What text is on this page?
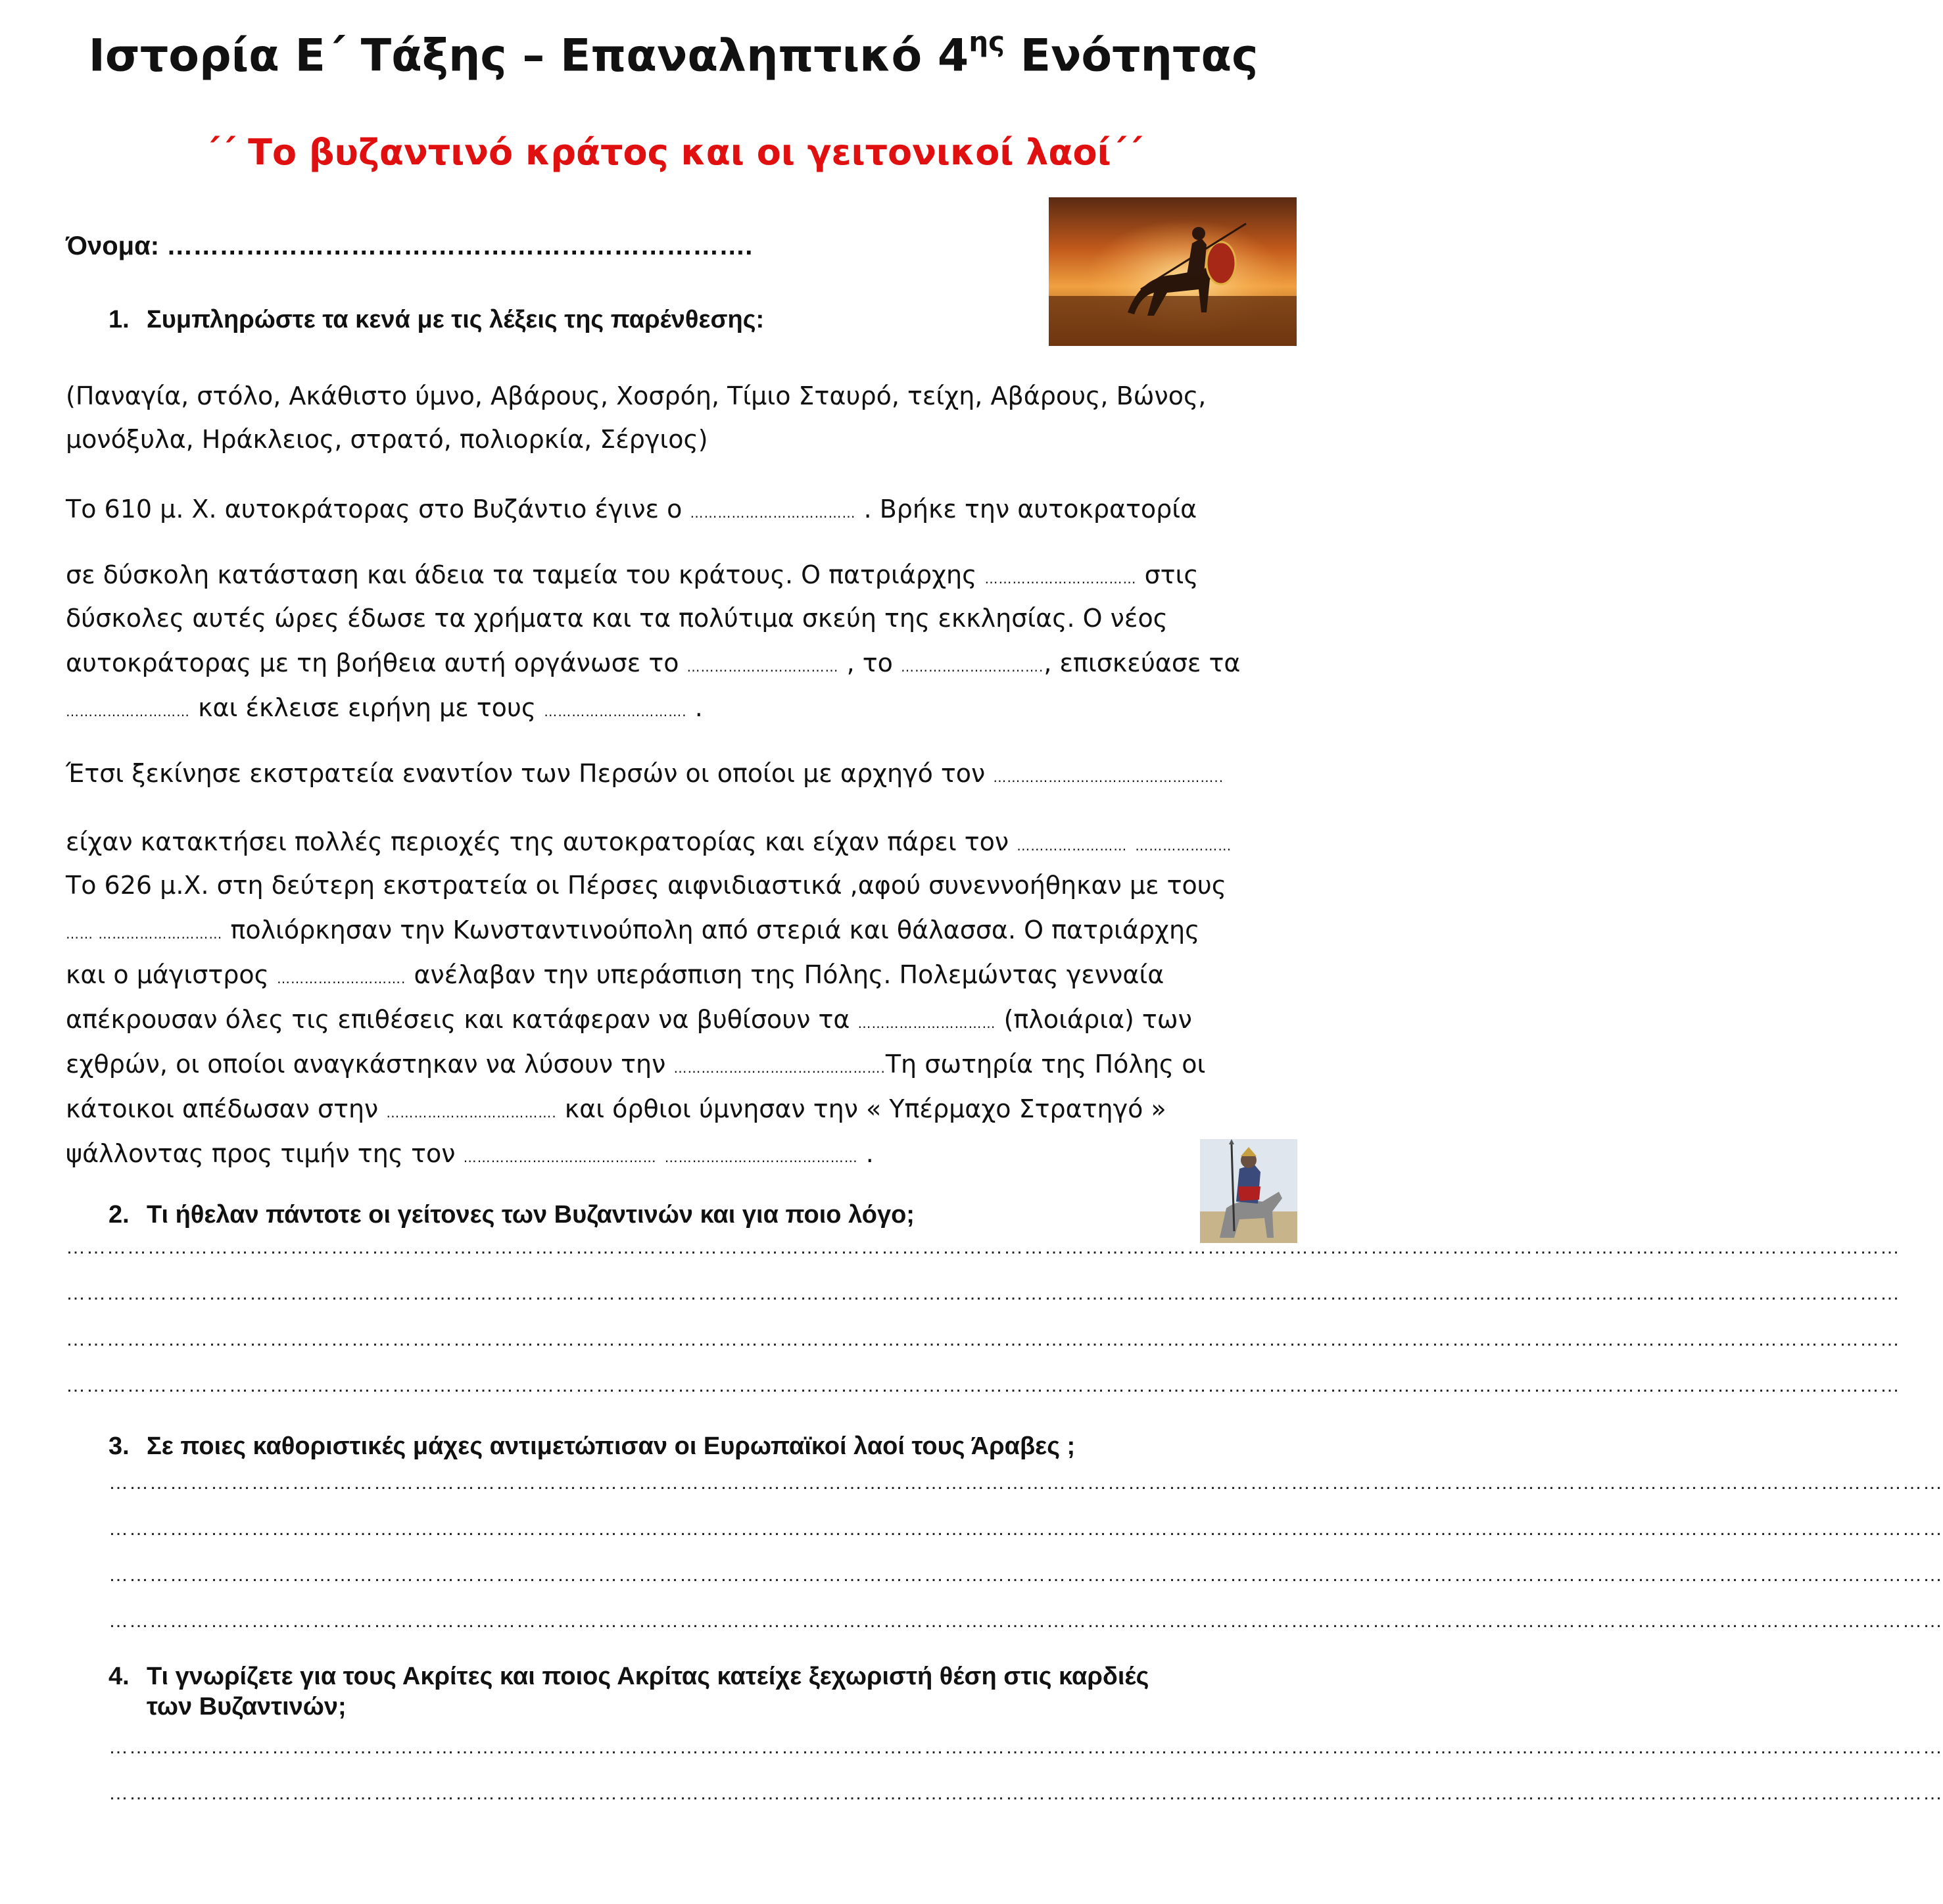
Ιστορία Ε΄ Τάξης – Επαναληπτικό $4^{\eta\varsigma}$ Ενότητας
΄΄ Το βυζαντινό κράτος και οι γειτονικοί λαοί΄΄
Όνομα: ………………………………………………………….
1. Συμπληρώστε τα κενά με τις λέξεις της παρένθεσης:
(Παναγία, στόλο, Ακάθιστο ύμνο, Αβάρους, Χοσρόη, Τίμιο Σταυρό, τείχη, Αβάρους, Βώνος,
μονόξυλα, Ηράκλειος, στρατό, πολιορκία, Σέργιος)
Το 610 μ. Χ. αυτοκράτορας στο Βυζάντιο έγινε ο ……………………………… . Βρήκε την αυτοκρατορία
σε δύσκολη κατάσταση και άδεια τα ταμεία του κράτους. Ο πατριάρχης …………………………… στις
δύσκολες αυτές ώρες έδωσε τα χρήματα και τα πολύτιμα σκεύη της εκκλησίας. Ο νέος
αυτοκράτορας με τη βοήθεια αυτή οργάνωσε το …………………………… , το …………………………., επισκεύασε τα
……………………… και έκλεισε ειρήνη με τους …………………………. .
Έτσι ξεκίνησε εκστρατεία εναντίον των Περσών οι οποίοι με αρχηγό τον …………………………………………..
είχαν κατακτήσει πολλές περιοχές της αυτοκρατορίας και είχαν πάρει τον …………………… …………………
Το 626 μ.Χ. στη δεύτερη εκστρατεία οι Πέρσες αιφνιδιαστικά ,αφού συνεννοήθηκαν με τους
…… ……………………… πολιόρκησαν την Κωνσταντινούπολη από στεριά και θάλασσα. Ο πατριάρχης
και ο μάγιστρος ………………………. ανέλαβαν την υπεράσπιση της Πόλης. Πολεμώντας γενναία
απέκρουσαν όλες τις επιθέσεις και κατάφεραν να βυθίσουν τα ………………………… (πλοιάρια) των
εχθρών, οι οποίοι αναγκάστηκαν να λύσουν την ……………………………………….Τη σωτηρία της Πόλης οι
κάτοικοι απέδωσαν στην ………………………………. και όρθιοι ύμνησαν την « Υπέρμαχο Στρατηγό »
ψάλλοντας προς τιμήν της τον …………………………………… …………………………………… .
2. Τι ήθελαν πάντοτε οι γείτονες των Βυζαντινών και για ποιο λόγο;
………………………………………………………………………………………………………………………………………………………………………………………………………………………………………………
………………………………………………………………………………………………………………………………………………………………………………………………………………………………………………
………………………………………………………………………………………………………………………………………………………………………………………………………………………………………………
………………………………………………………………………………………………………………………………………………………………………………………………………………………………………………
3. Σε ποιες καθοριστικές μάχες αντιμετώπισαν οι Ευρωπαϊκοί λαοί τους Άραβες ;
………………………………………………………………………………………………………………………………………………………………………………………………………………………………………………
………………………………………………………………………………………………………………………………………………………………………………………………………………………………………………
………………………………………………………………………………………………………………………………………………………………………………………………………………………………………………
………………………………………………………………………………………………………………………………………………………………………………………………………………………………………………
4. Τι γνωρίζετε για τους Ακρίτες και ποιος Ακρίτας κατείχε ξεχωριστή θέση στις καρδιές
των Βυζαντινών;
………………………………………………………………………………………………………………………………………………………………………………………………………………………………………………
………………………………………………………………………………………………………………………………………………………………………………………………………………………………………………
